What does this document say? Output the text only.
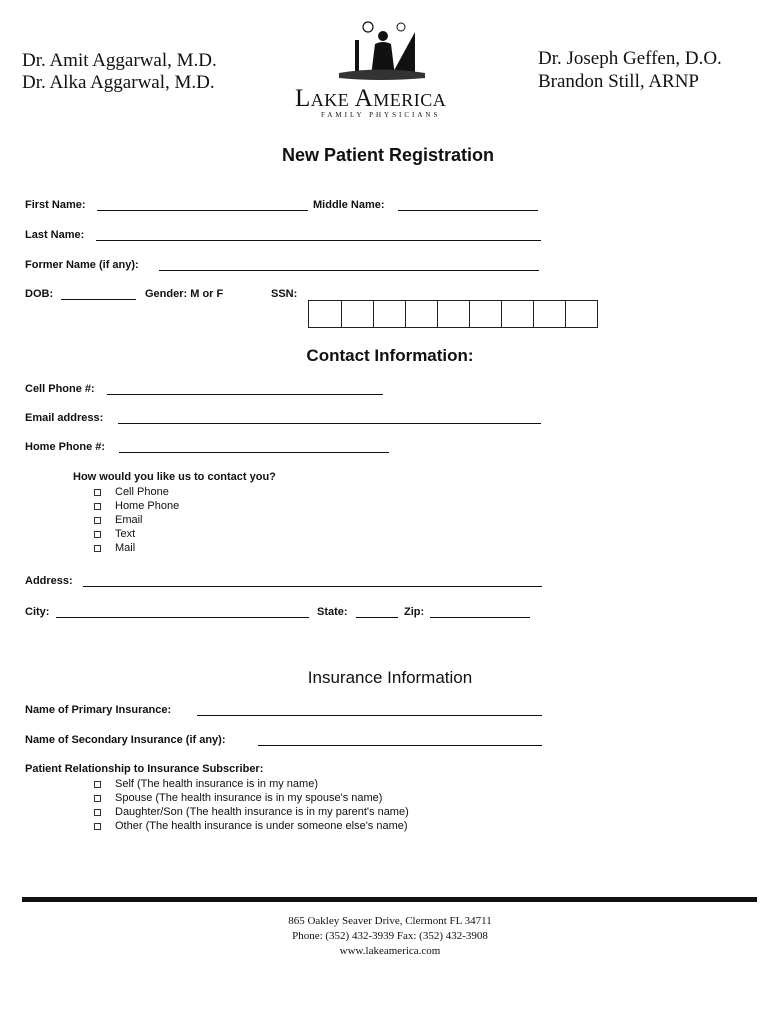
Dr. Amit Aggarwal, M.D.
Dr. Alka Aggarwal, M.D.
Lake America
FAMILY PHYSICIANS
Dr. Joseph Geffen, D.O.
Brandon Still, ARNP
New Patient Registration
First Name:	Middle Name:
Last Name:
Former Name (if any):
DOB:	Gender: M or F	SSN:
Contact Information:
Cell Phone #:
Email address:
Home Phone #:
How would you like us to contact you?
Cell Phone
Home Phone
Email
Text
Mail
Address:
City:	State:	Zip:
Insurance Information
Name of Primary Insurance:
Name of Secondary Insurance (if any):
Patient Relationship to Insurance Subscriber:
Self (The health insurance is in my name)
Spouse (The health insurance is in my spouse's name)
Daughter/Son (The health insurance is in my parent's name)
Other (The health insurance is under someone else's name)
865 Oakley Seaver Drive, Clermont FL 34711
Phone: (352) 432-3939 Fax: (352) 432-3908
www.lakeamerica.com
